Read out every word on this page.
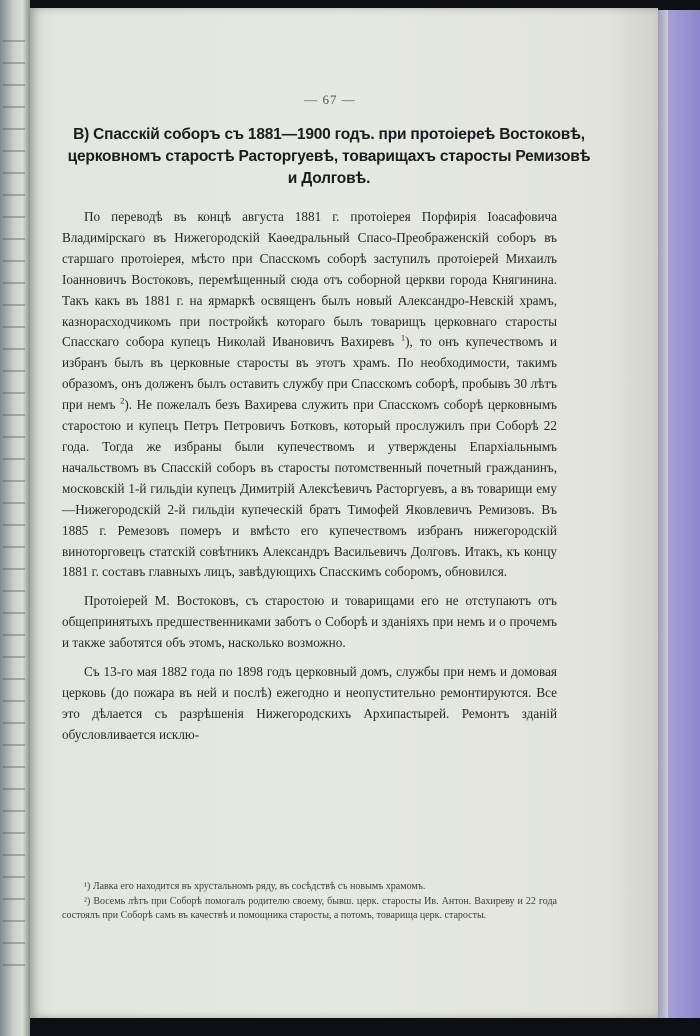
— 67 —
В) Спасскій соборъ съ 1881—1900 годъ. при протоіереѣ Востоковѣ, церковномъ старостѣ Расторгуевѣ, товарищахъ старосты Ремизовѣ и Долговѣ.

По переводѣ въ концѣ августа 1881 г. протоіерея Порфирія Іоасафовича Владимірскаго въ Нижегородскій Каѳедральный Спасо-Преображенскій соборъ въ старшаго протоіерея, мѣсто при Спасскомъ соборѣ заступилъ протоіерей Михаилъ Іоанновичъ Востоковъ, перемѣщенный сюда отъ соборной церкви города Княгинина. Такъ какъ въ 1881 г. на ярмаркѣ освященъ былъ новый Александро-Невскій храмъ, казнорасходчикомъ при постройкѣ котораго былъ товарищъ церковнаго старосты Спасскаго собора купецъ Николай Ивановичъ Вахиревъ $^1$), то онъ купечествомъ и избранъ былъ въ церковные старосты въ этотъ храмъ. По необходимости, такимъ образомъ, онъ долженъ былъ оставить службу при Спасскомъ соборѣ, пробывъ 30 лѣтъ при немъ $^2$). Не пожелалъ безъ Вахирева служить при Спасскомъ соборѣ церковнымъ старостою и купецъ Петръ Петровичъ Ботковъ, который прослужилъ при Соборѣ 22 года. Тогда же избраны были купечествомъ и утверждены Епархіальнымъ начальствомъ въ Спасскій соборъ въ старосты потомственный почетный гражданинъ, московскій 1-й гильдіи купецъ Димитрій Алексѣевичъ Расторгуевъ, а въ товарищи ему—Нижегородскій 2-й гильдіи купеческій братъ Тимофей Яковлевичъ Ремизовъ. Въ 1885 г. Ремезовъ померъ и вмѣсто его купечествомъ избранъ нижегородскій виноторговецъ статскій совѣтникъ Александръ Васильевичъ Долговъ. Итакъ, къ концу 1881 г. составъ главныхъ лицъ, завѣдующихъ Спасскимъ соборомъ, обновился.

Протоіерей М. Востоковъ, съ старостою и товарищами его не отступаютъ отъ общепринятыхъ предшественниками заботъ о Соборѣ и зданіяхъ при немъ и о прочемъ и также заботятся объ этомъ, насколько возможно.

Съ 13-го мая 1882 года по 1898 годъ церковный домъ, службы при немъ и домовая церковь (до пожара въ ней и послѣ) ежегодно и неопустительно ремонтируются. Все это дѣлается съ разрѣшенія Нижегородскихъ Архипастырей. Ремонтъ зданій обусловливается исклю-

¹) Лавка его находится въ хрустальномъ ряду, въ сосѣдствѣ съ новымъ храмомъ.

²) Восемь лѣтъ при Соборѣ помогалъ родителю своему, бывш. церк. старосты Ив. Антон. Вахиреву и 22 года состоялъ при Соборѣ самъ въ качествѣ и помощника старосты, а потомъ, товарища церк. старосты.
